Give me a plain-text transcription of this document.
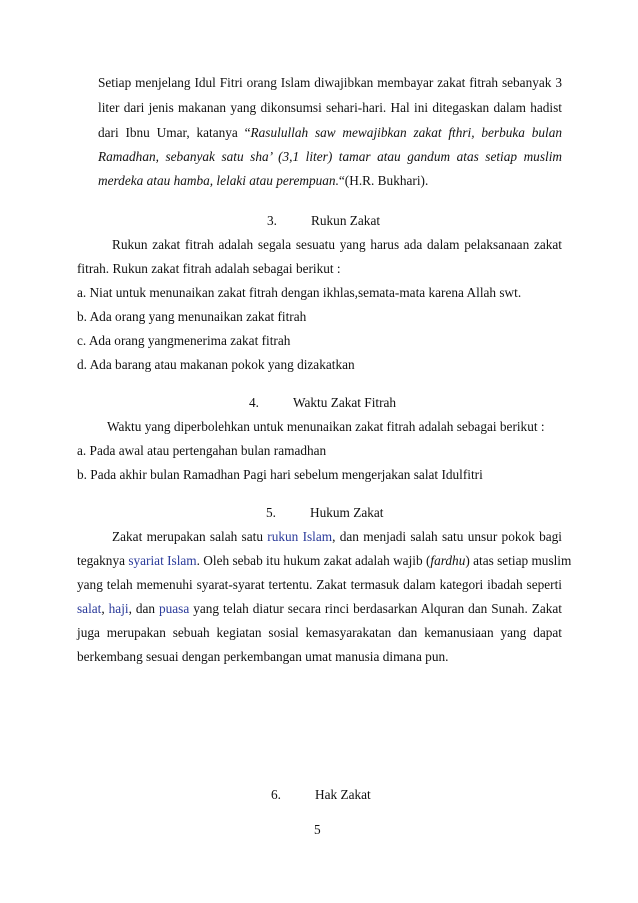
Setiap menjelang Idul Fitri orang Islam diwajibkan membayar zakat fitrah sebanyak 3
liter dari jenis makanan yang dikonsumsi sehari-hari. Hal ini ditegaskan dalam hadist
dari Ibnu Umar, katanya “Rasulullah saw mewajibkan zakat fthri, berbuka bulan
Ramadhan, sebanyak satu sha’ (3,1 liter) tamar atau gandum atas setiap muslim
merdeka atau hamba, lelaki atau perempuan.“(H.R. Bukhari).
3.	Rukun Zakat
Rukun zakat fitrah adalah segala sesuatu yang harus ada dalam pelaksanaan zakat
fitrah. Rukun zakat fitrah adalah sebagai berikut :
a. Niat untuk menunaikan zakat fitrah dengan ikhlas,semata-mata karena Allah swt.
b. Ada orang yang menunaikan zakat fitrah
c. Ada orang yangmenerima zakat fitrah
d. Ada barang atau makanan pokok yang dizakatkan
4.	Waktu Zakat Fitrah
Waktu yang diperbolehkan untuk menunaikan zakat fitrah adalah sebagai berikut :
a. Pada awal atau pertengahan bulan ramadhan
b. Pada akhir bulan Ramadhan Pagi hari sebelum mengerjakan salat Idulfitri
5.	Hukum Zakat
Zakat merupakan salah satu rukun Islam, dan menjadi salah satu unsur pokok bagi
tegaknya syariat Islam. Oleh sebab itu hukum zakat adalah wajib (fardhu) atas setiap muslim
yang telah memenuhi syarat-syarat tertentu. Zakat termasuk dalam kategori ibadah seperti
salat, haji, dan puasa yang telah diatur secara rinci berdasarkan Alquran dan Sunah. Zakat
juga merupakan sebuah kegiatan sosial kemasyarakatan dan kemanusiaan yang dapat
berkembang sesuai dengan perkembangan umat manusia dimana pun.
6.	Hak Zakat
5
